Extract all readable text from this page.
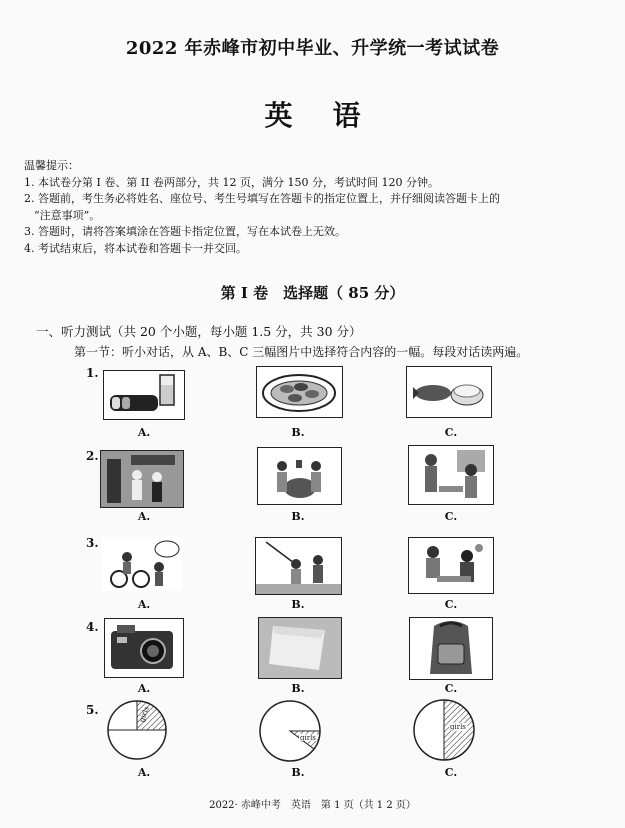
2022 年赤峰市初中毕业、升学统一考试试卷
英语
温馨提示：
1. 本试卷分第 I 卷、第 II 卷两部分，共 12 页，满分 150 分，考试时间 120 分钟。
2. 答题前，考生务必将姓名、座位号、考生号填写在答题卡的指定位置上，并仔细阅读答题卡上的
“注意事项”。
3. 答题时，请将答案填涂在答题卡指定位置，写在本试卷上无效。
4. 考试结束后，将本试卷和答题卡一并交回。
第 I 卷　选择题（ 85 分）
一、听力测试（共 20 个小题，每小题 1.5 分，共 30 分）
第一节：听小对话，从 A、B、C 三幅图片中选择符合内容的一幅。每段对话读两遍。
1.
A.	B.	C.
2.
A.	B.	C.
3.
A.	B.	C.
4.
A.	B.	C.
5.	girls
girls
girls
A.	B.	C.
2022· 赤峰中考　英语　第 1 页（共 1 2 页）
